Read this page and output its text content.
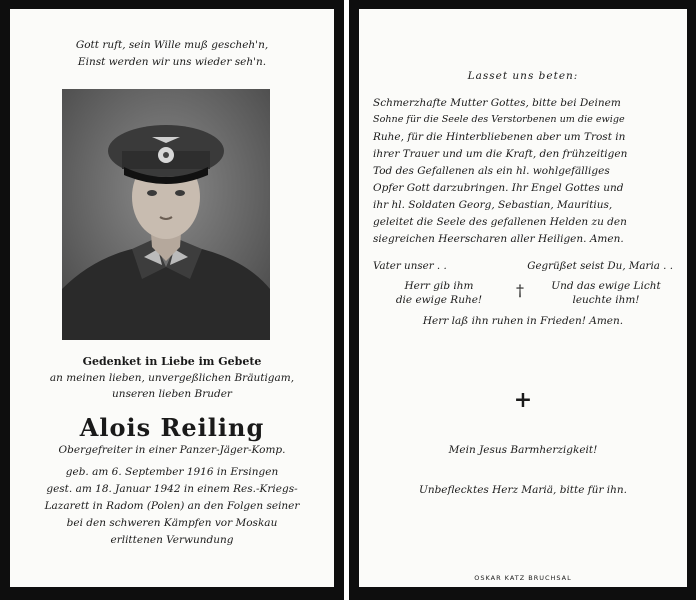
Gott ruft, sein Wille muß gescheh'n,
Einst werden wir uns wieder seh'n.
Gedenket in Liebe im Gebete
an meinen lieben, unvergeßlichen Bräutigam,
unseren lieben Bruder
Alois Reiling
Obergefreiter in einer Panzer-Jäger-Komp.
geb. am 6. September 1916 in Ersingen
gest. am 18. Januar 1942 in einem Res.-Kriegs-
Lazarett in Radom (Polen) an den Folgen seiner
bei den schweren Kämpfen vor Moskau
erlittenen Verwundung
Lasset uns beten:
Schmerzhafte Mutter Gottes, bitte bei Deinem
Sohne für die Seele des Verstorbenen um die ewige
Ruhe, für die Hinterbliebenen aber um Trost in
ihrer Trauer und um die Kraft, den frühzeitigen
Tod des Gefallenen als ein hl. wohlgefälliges
Opfer Gott darzubringen. Ihr Engel Gottes und
ihr hl. Soldaten Georg, Sebastian, Mauritius,
geleitet die Seele des gefallenen Helden zu den
siegreichen Heerscharen aller Heiligen. Amen.
Vater unser . .	Gegrüßet seist Du, Maria . .
Herr gib ihm
die ewige Ruhe!	†	Und das ewige Licht
leuchte ihm!
Herr laß ihn ruhen in Frieden! Amen.
+
Mein Jesus Barmherzigkeit!
Unbeflecktes Herz Mariä, bitte für ihn.
OSKAR KATZ BRUCHSAL
